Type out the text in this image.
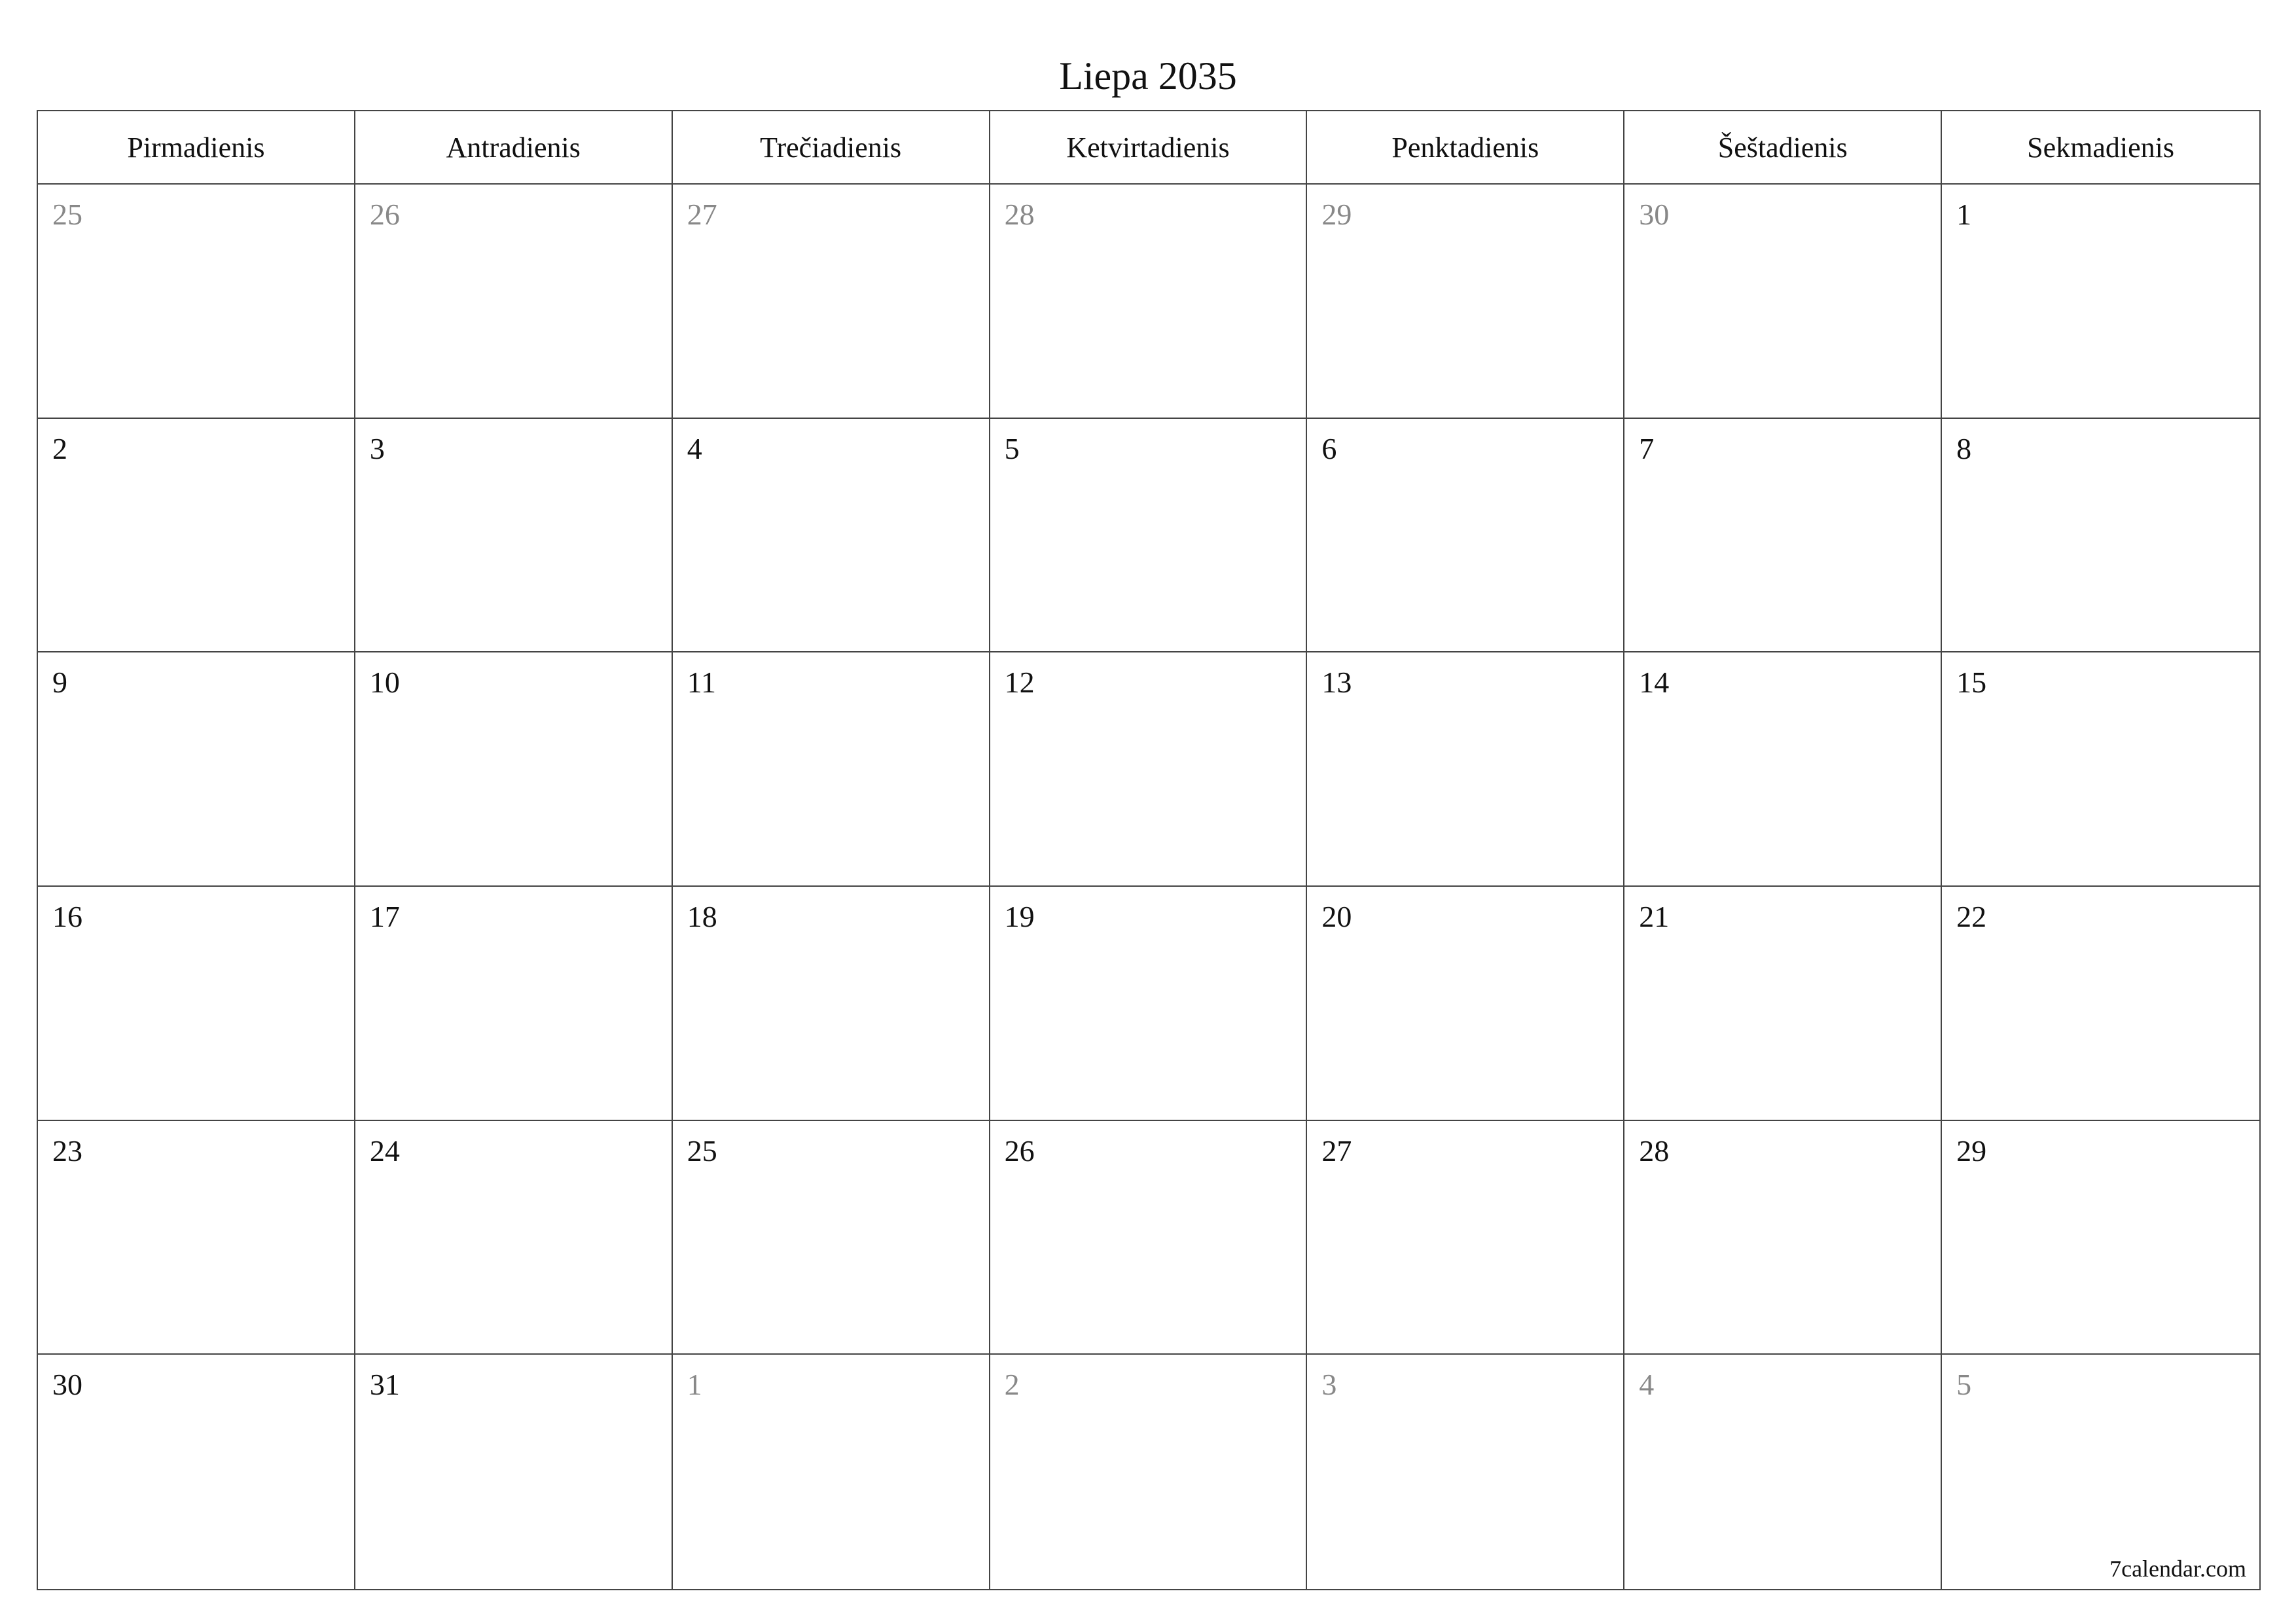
Liepa 2035
Pirmadienis	Antradienis	Trečiadienis	Ketvirtadienis	Penktadienis	Šeštadienis	Sekmadienis
25	26	27	28	29	30	1
2	3	4	5	6	7	8
9	10	11	12	13	14	15
16	17	18	19	20	21	22
23	24	25	26	27	28	29
30	31	1	2	3	4	5
7calendar.com
